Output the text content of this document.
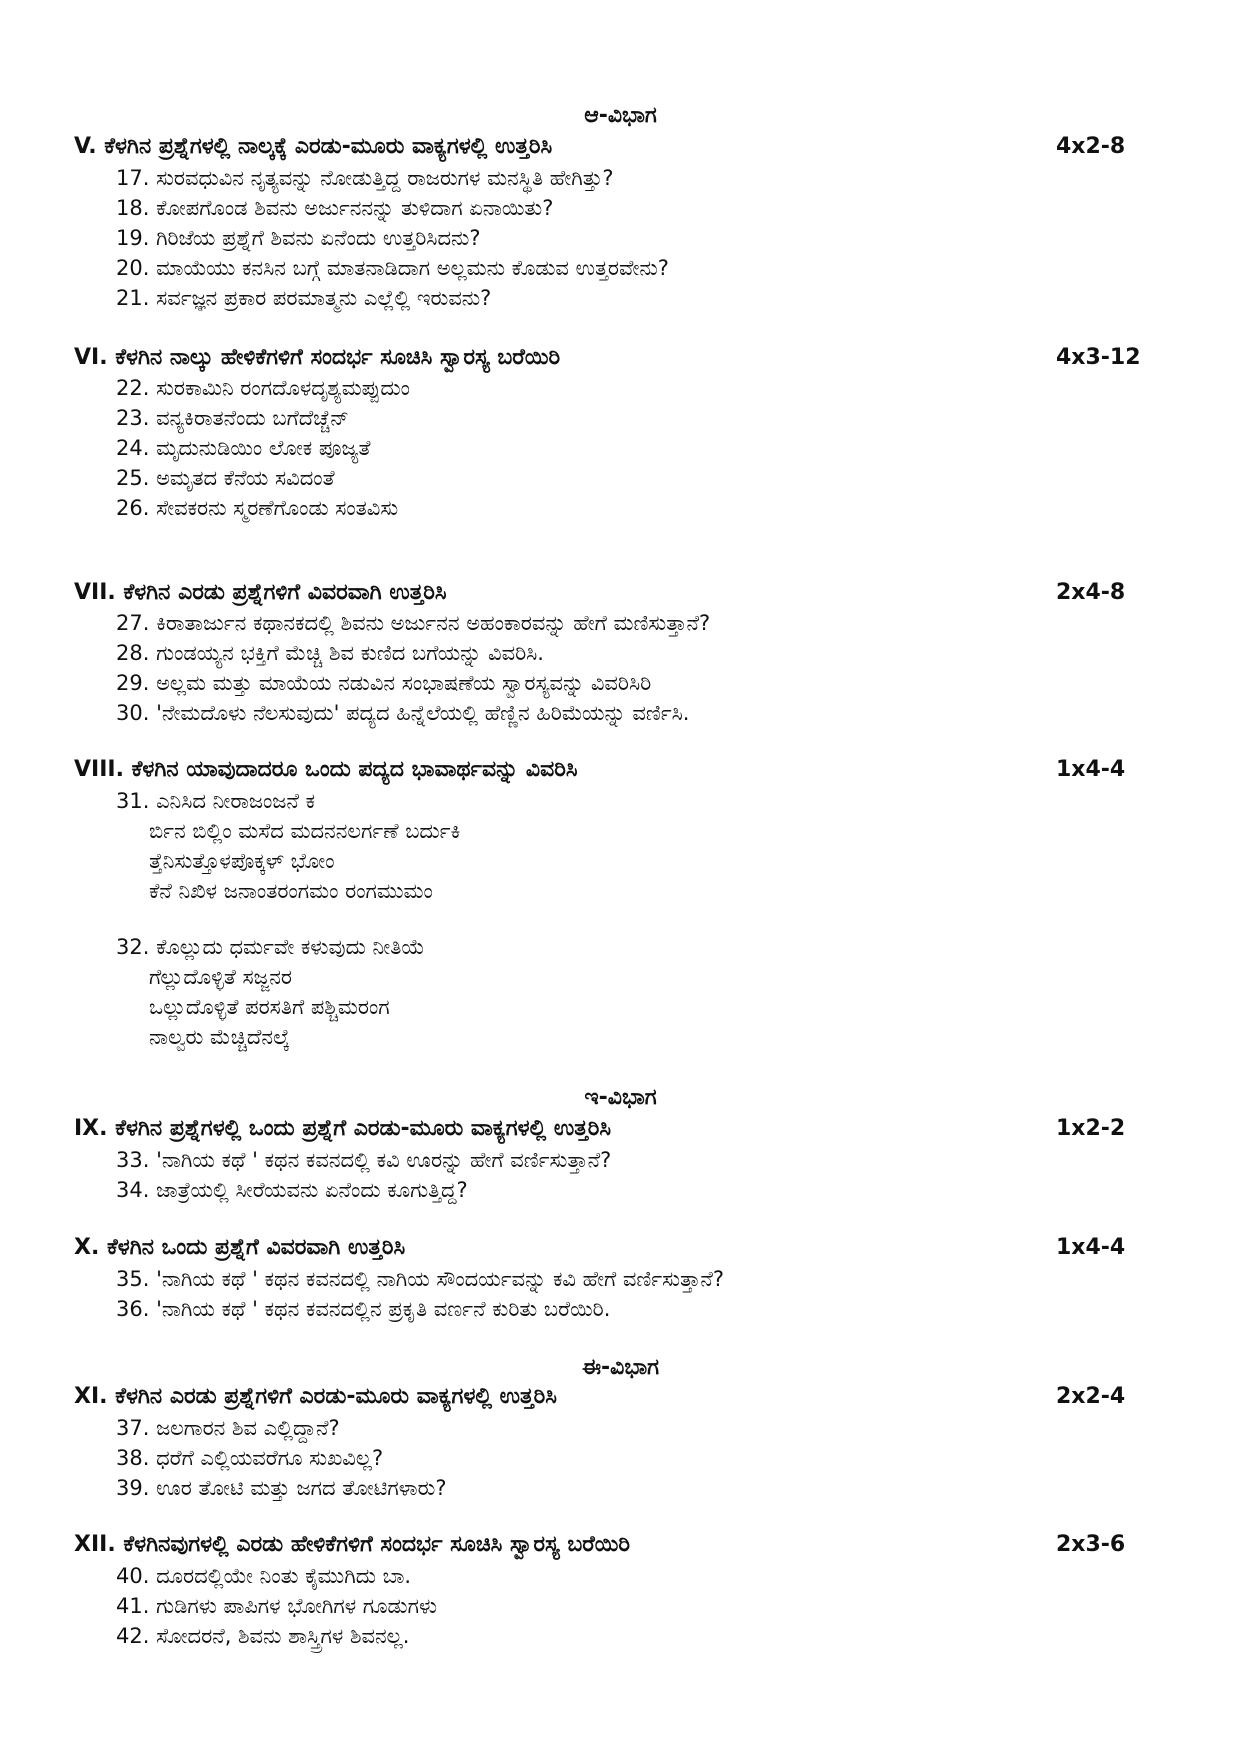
ಆ-ವಿಭಾಗ
V. ಕೆಳಗಿನ ಪ್ರಶ್ನೆಗಳಲ್ಲಿ ನಾಲ್ಕಕ್ಕೆ ಎರಡು-ಮೂರು ವಾಕ್ಯಗಳಲ್ಲಿ ಉತ್ತರಿಸಿ	4x2-8
17. ಸುರವಧುವಿನ ನೃತ್ಯವನ್ನು ನೋಡುತ್ತಿದ್ದ ರಾಜರುಗಳ ಮನಸ್ಥಿತಿ ಹೇಗಿತ್ತು?
18. ಕೋಪಗೊಂಡ ಶಿವನು ಅರ್ಜುನನನ್ನು ತುಳಿದಾಗ ಏನಾಯಿತು?
19. ಗಿರಿಜೆಯ ಪ್ರಶ್ನೆಗೆ ಶಿವನು ಏನೆಂದು ಉತ್ತರಿಸಿದನು?
20. ಮಾಯೆಯು ಕನಸಿನ ಬಗ್ಗೆ ಮಾತನಾಡಿದಾಗ ಅಲ್ಲಮನು ಕೊಡುವ ಉತ್ತರವೇನು?
21. ಸರ್ವಜ್ಞನ ಪ್ರಕಾರ ಪರಮಾತ್ಮನು ಎಲ್ಲೆಲ್ಲಿ ಇರುವನು?
VI. ಕೆಳಗಿನ ನಾಲ್ಕು ಹೇಳಿಕೆಗಳಿಗೆ ಸಂದರ್ಭ ಸೂಚಿಸಿ ಸ್ವಾರಸ್ಯ ಬರೆಯಿರಿ	4x3-12
22. ಸುರಕಾಮಿನಿ ರಂಗದೊಳದೃಶ್ಯಮಪ್ಪುದುಂ
23. ವನ್ಯಕಿರಾತನೆಂದು ಬಗೆದೆಚ್ಚೆನ್
24. ಮೃದುನುಡಿಯಿಂ ಲೋಕ ಪೂಜ್ಯತೆ
25. ಅಮೃತದ ಕೆನೆಯ ಸವಿದಂತೆ
26. ಸೇವಕರನು ಸ್ಮರಣೆಗೊಂಡು ಸಂತವಿಸು
VII. ಕೆಳಗಿನ ಎರಡು ಪ್ರಶ್ನೆಗಳಿಗೆ ವಿವರವಾಗಿ ಉತ್ತರಿಸಿ	2x4-8
27. ಕಿರಾತಾರ್ಜುನ ಕಥಾನಕದಲ್ಲಿ ಶಿವನು ಅರ್ಜುನನ ಅಹಂಕಾರವನ್ನು ಹೇಗೆ ಮಣಿಸುತ್ತಾನೆ?
28. ಗುಂಡಯ್ಯನ ಭಕ್ತಿಗೆ ಮೆಚ್ಚಿ ಶಿವ ಕುಣಿದ ಬಗೆಯನ್ನು ವಿವರಿಸಿ.
29. ಅಲ್ಲಮ ಮತ್ತು ಮಾಯೆಯ ನಡುವಿನ ಸಂಭಾಷಣೆಯ ಸ್ವಾರಸ್ಯವನ್ನು ವಿವರಿಸಿರಿ
30. 'ನೇಮದೊಳು ನೆಲಸುವುದು' ಪದ್ಯದ ಹಿನ್ನೆಲೆಯಲ್ಲಿ ಹೆಣ್ಣಿನ ಹಿರಿಮೆಯನ್ನು ವರ್ಣಿಸಿ.
VIII. ಕೆಳಗಿನ ಯಾವುದಾದರೂ ಒಂದು ಪದ್ಯದ ಭಾವಾರ್ಥವನ್ನು ವಿವರಿಸಿ	1x4-4
31. ಎನಿಸಿದ ನೀರಾಜಂಜನೆ ಕ
ರ್ಬಿನ ಬಿಲ್ಲಿಂ ಮಸೆದ ಮದನನಲರ್ಗಣೆ ಬರ್ದುಕಿ
ತ್ತೆನಿಸುತ್ತೊಳಪೊಕ್ಕಳ್ ಭೋಂ
ಕೆನೆ ನಿಖಿಳ ಜನಾಂತರಂಗಮಂ ರಂಗಮುಮಂ
32. ಕೊಲ್ಲುದು ಧರ್ಮವೇ ಕಳುವುದು ನೀತಿಯೆ
ಗೆಲ್ಲುದೊಳ್ಳಿತೆ ಸಜ್ಜನರ
ಒಲ್ಲುದೊಳ್ಳಿತೆ ಪರಸತಿಗೆ ಪಶ್ಚಿಮರಂಗ
ನಾಲ್ವರು ಮೆಚ್ಚಿದೆನಲ್ಕೆ
ಇ-ವಿಭಾಗ
IX. ಕೆಳಗಿನ ಪ್ರಶ್ನೆಗಳಲ್ಲಿ ಒಂದು ಪ್ರಶ್ನೆಗೆ ಎರಡು-ಮೂರು ವಾಕ್ಯಗಳಲ್ಲಿ ಉತ್ತರಿಸಿ	1x2-2
33. 'ನಾಗಿಯ ಕಥೆ ' ಕಥನ ಕವನದಲ್ಲಿ ಕವಿ ಊರನ್ನು ಹೇಗೆ ವರ್ಣಿಸುತ್ತಾನೆ?
34. ಜಾತ್ರೆಯಲ್ಲಿ ಸೀರೆಯವನು ಏನೆಂದು ಕೂಗುತ್ತಿದ್ದ?
X. ಕೆಳಗಿನ ಒಂದು ಪ್ರಶ್ನೆಗೆ ವಿವರವಾಗಿ ಉತ್ತರಿಸಿ	1x4-4
35. 'ನಾಗಿಯ ಕಥೆ ' ಕಥನ ಕವನದಲ್ಲಿ ನಾಗಿಯ ಸೌಂದರ್ಯವನ್ನು ಕವಿ ಹೇಗೆ ವರ್ಣಿಸುತ್ತಾನೆ?
36. 'ನಾಗಿಯ ಕಥೆ ' ಕಥನ ಕವನದಲ್ಲಿನ ಪ್ರಕೃತಿ ವರ್ಣನೆ ಕುರಿತು ಬರೆಯಿರಿ.
ಈ-ವಿಭಾಗ
XI. ಕೆಳಗಿನ ಎರಡು ಪ್ರಶ್ನೆಗಳಿಗೆ ಎರಡು-ಮೂರು ವಾಕ್ಯಗಳಲ್ಲಿ ಉತ್ತರಿಸಿ	2x2-4
37. ಜಲಗಾರನ ಶಿವ ಎಲ್ಲಿದ್ದಾನೆ?
38. ಧರೆಗೆ ಎಲ್ಲಿಯವರೆಗೂ ಸುಖವಿಲ್ಲ?
39. ಊರ ತೋಟಿ ಮತ್ತು ಜಗದ ತೋಟಿಗಳಾರು?
XII. ಕೆಳಗಿನವುಗಳಲ್ಲಿ ಎರಡು ಹೇಳಿಕೆಗಳಿಗೆ ಸಂದರ್ಭ ಸೂಚಿಸಿ ಸ್ವಾರಸ್ಯ ಬರೆಯಿರಿ	2x3-6
40. ದೂರದಲ್ಲಿಯೇ ನಿಂತು ಕೈಮುಗಿದು ಬಾ.
41. ಗುಡಿಗಳು ಪಾಪಿಗಳ ಭೋಗಿಗಳ ಗೂಡುಗಳು
42. ಸೋದರನೆ, ಶಿವನು ಶಾಸ್ತ್ರಿಗಳ ಶಿವನಲ್ಲ.
